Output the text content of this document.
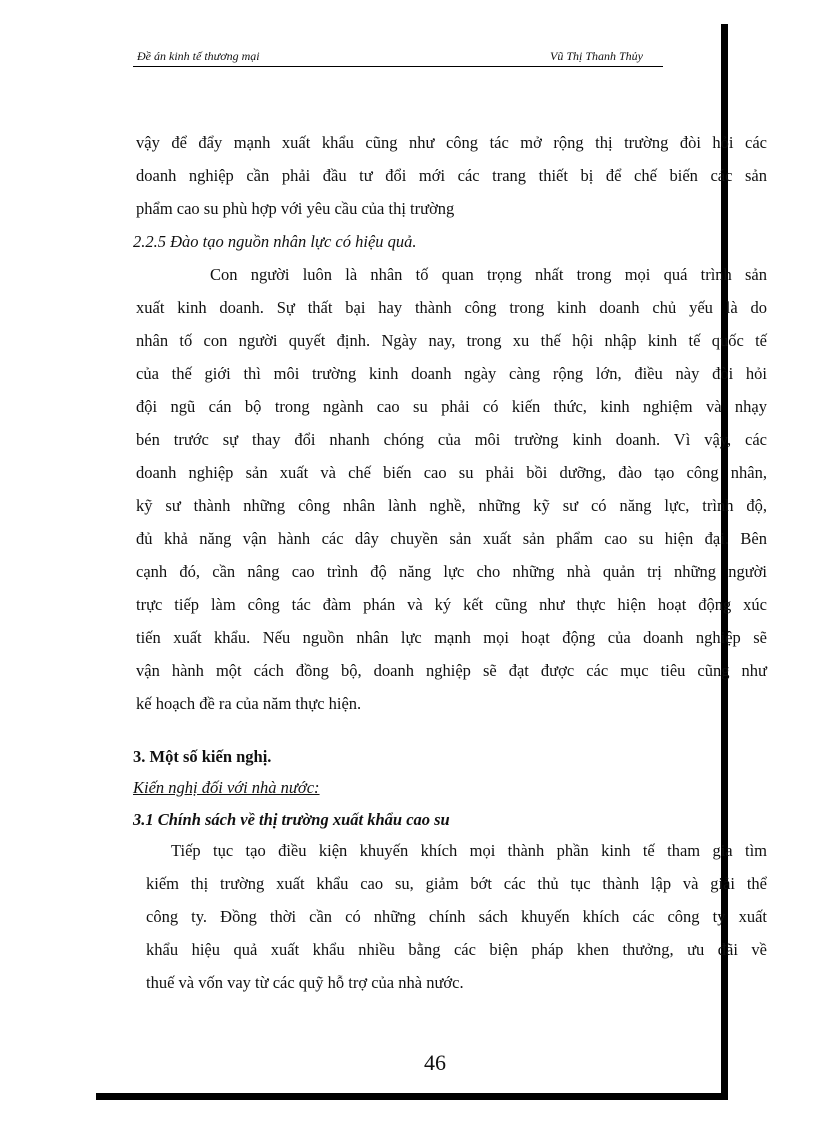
Đề án kinh tế thương mại	Vũ Thị Thanh Thủy
vậy để đẩy mạnh xuất khẩu cũng như công tác mở rộng thị trường đòi hỏi các
doanh nghiệp cần phải đầu tư đổi mới các trang thiết bị để chế biến các sản
phẩm cao su phù hợp với yêu cầu của thị trường
2.2.5 Đào tạo nguồn nhân lực có hiệu quả.
Con người luôn là nhân tố quan trọng nhất trong mọi quá trình sản
xuất kinh doanh. Sự thất bại hay thành công trong kinh doanh chủ yếu là do
nhân tố con người quyết định. Ngày nay, trong xu thế hội nhập kinh tế quốc tế
của thế giới thì môi trường kinh doanh ngày càng rộng lớn, điều này đòi hỏi
đội ngũ cán bộ trong ngành cao su phải có kiến thức, kinh nghiệm và nhạy
bén trước sự thay đổi nhanh chóng của môi trường kinh doanh. Vì vậy, các
doanh nghiệp sản xuất và chế biến cao su phải bồi dưỡng, đào tạo công nhân,
kỹ sư thành những công nhân lành nghề, những kỹ sư có năng lực, trình độ,
đủ khả năng vận hành các dây chuyền sản xuất sản phẩm cao su hiện đại. Bên
cạnh đó, cần nâng cao trình độ năng lực cho những nhà quản trị những người
trực tiếp làm công tác đàm phán và ký kết cũng như thực hiện hoạt động xúc
tiến xuất khẩu. Nếu nguồn nhân lực mạnh mọi hoạt động của doanh nghiệp sẽ
vận hành một cách đồng bộ, doanh nghiệp sẽ đạt được các mục tiêu cũng như
kế hoạch đề ra của năm thực hiện.
3. Một số kiến nghị.
Kiến nghị đối với nhà nước:
3.1 Chính sách về thị trường xuất khẩu cao su
Tiếp tục tạo điều kiện khuyến khích mọi thành phần kinh tế tham gia tìm
kiếm thị trường xuất khẩu cao su, giảm bớt các thủ tục thành lập và giải thể
công ty. Đồng thời cần có những chính sách khuyến khích các công ty xuất
khẩu hiệu quả xuất khẩu nhiều bằng các biện pháp khen thưởng, ưu đãi về
thuế và vốn vay từ các quỹ hỗ trợ của nhà nước.
46
